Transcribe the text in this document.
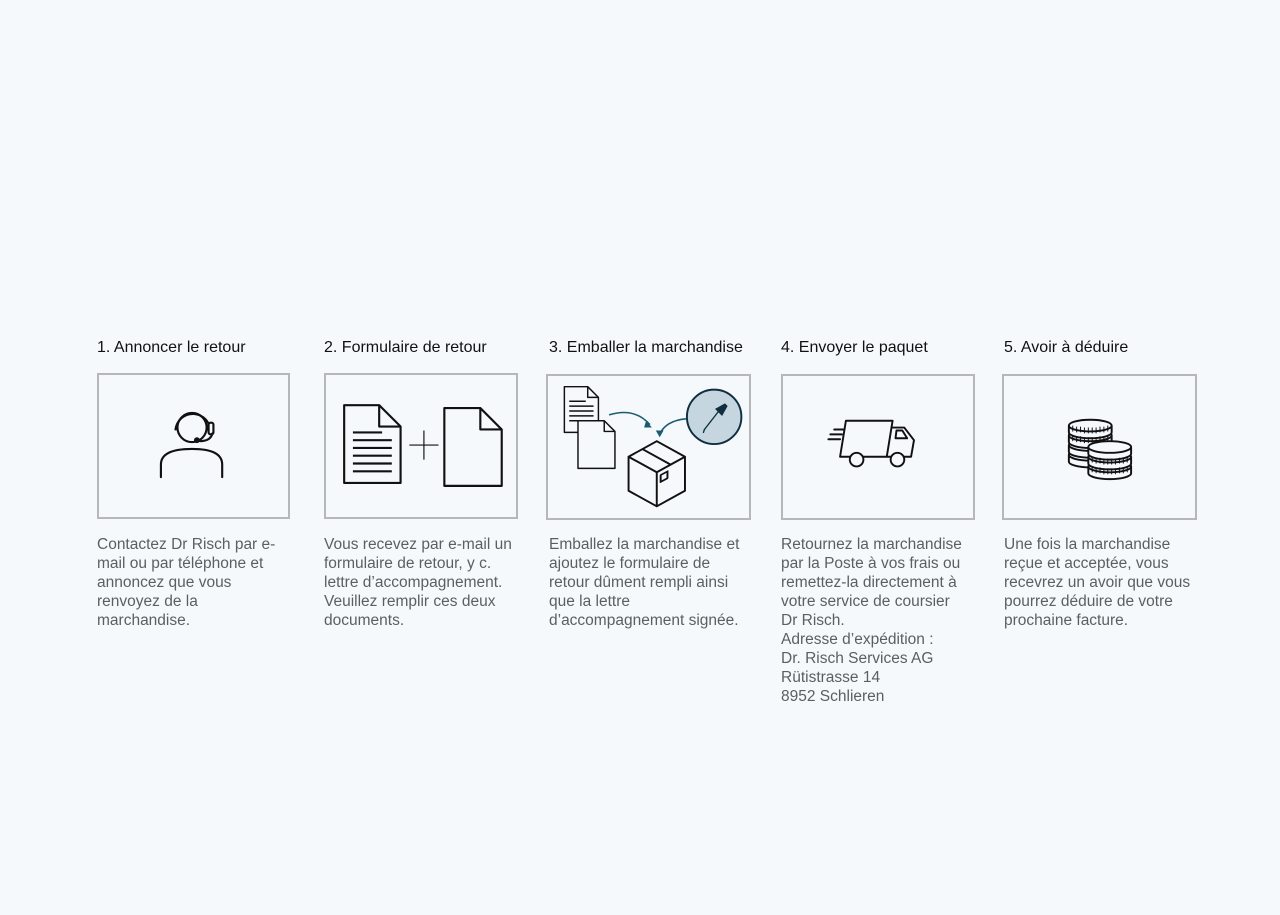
1. Annoncer le retour
Contactez Dr Risch par e-
mail ou par téléphone et
annoncez que vous
renvoyez de la
marchandise.
2. Formulaire de retour
Vous recevez par e-mail un
formulaire de retour, y c.
lettre d’accompagnement.
Veuillez remplir ces deux
documents.
3. Emballer la marchandise
Emballez la marchandise et
ajoutez le formulaire de
retour dûment rempli ainsi
que la lettre
d’accompagnement signée.
4. Envoyer le paquet
Retournez la marchandise
par la Poste à vos frais ou
remettez-la directement à
votre service de coursier
Dr Risch.
Adresse d’expédition :
Dr. Risch Services AG
Rütistrasse 14
8952 Schlieren
5. Avoir à déduire
Une fois la marchandise
reçue et acceptée, vous
recevrez un avoir que vous
pourrez déduire de votre
prochaine facture.
